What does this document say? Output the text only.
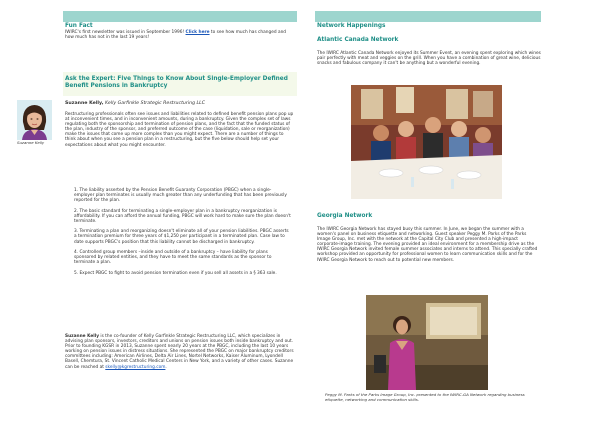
Fun Fact

IWIRC's first newsletter was issued in September 1996! Click here to see how much has changed and how much has not in the last 19 years!

Ask the Expert: Five Things to Know About Single-Employer Defined Benefit Pensions in Bankruptcy
Suzanne Kelly, Kelly Garfinkle Strategic Restructuring LLC

Restructuring professionals often see issues and liabilities related to defined benefit pension plans pop up at inconvenient times, and in inconvenient amounts, during a bankruptcy. Given the complex set of laws regulating both the sponsorship and termination of pension plans, and the fact that the funded status of the plan, industry of the sponsor, and preferred outcome of the case (liquidation, sale or reorganization) make the issues that come up more complex than you might expect. There are a number of things to think about when you see a pension plan in a restructuring, but the five below should help set your expectations about what you might encounter.

1. The liability asserted by the Pension Benefit Guaranty Corporation (PBGC) when a single-employer plan terminates is usually much greater than any underfunding that has been previously reported for the plan.

2. The basic standard for terminating a single-employer plan in a bankruptcy reorganization is affordability. If you can afford the annual funding, PBGC will work hard to make sure the plan doesn't terminate.

3. Terminating a plan and reorganizing doesn't eliminate all of your pension liabilities. PBGC asserts a termination premium for three years of $1,250 per participant in a terminated plan. Case law to date supports PBGC's position that this liability cannot be discharged in bankruptcy.

4. Controlled group members –inside and outside of a bankruptcy – have liability for plans sponsored by related entities, and they have to meet the same standards as the sponsor to terminate a plan.

5. Expect PBGC to fight to avoid pension termination even if you sell all assets in a § 363 sale.

Suzanne Kelly is the co-founder of Kelly Garfinkle Strategic Restructuring LLC, which specializes in advising plan sponsors, investors, creditors and unions on pension issues both inside bankruptcy and out. Prior to founding KGSR in 2013, Suzanne spent nearly 20 years at the PBGC, including the last 10 years working on pension issues in distress situations. She represented the PBGC on major bankruptcy creditors committees including: American Airlines, Delta Air Lines, Nortel Networks, Kaiser Aluminum, Lyondell Basell, Chemtura, St. Vincent Catholic Medical Centers in New York, and a variety of other cases. Suzanne can be reached at skelly@kgrestructuring.com.

Suzanne Kelly
Network Happenings
Atlantic Canada Network

The IWIRC Atlantic Canada Network enjoyed its Summer Event, an evening spent exploring which wines pair perfectly with meat and veggies on the grill. When you have a combination of great wine, delicious snacks and fabulous company it can't be anything but a wonderful evening.

Georgia Network

The IWIRC Georgia Network has stayed busy this summer. In June, we began the summer with a women's panel on business etiquette and networking. Guest speaker Peggy M. Parks of the Parks Image Group, Inc. met with the network at the Capital City Club and presented a high-impact corporate-image training. The evening provided an ideal environment for a membership drive as the IWIRC Georgia Network invited female summer associates and interns to attend. This specially crafted workshop provided an opportunity for professional women to learn communication skills and for the IWIRC Georgia Network to reach out to potential new members.

Peggy M. Parks of the Parks Image Group, Inc. presented to the IWIRC-GA Network regarding business etiquette, networking and communication skills.
